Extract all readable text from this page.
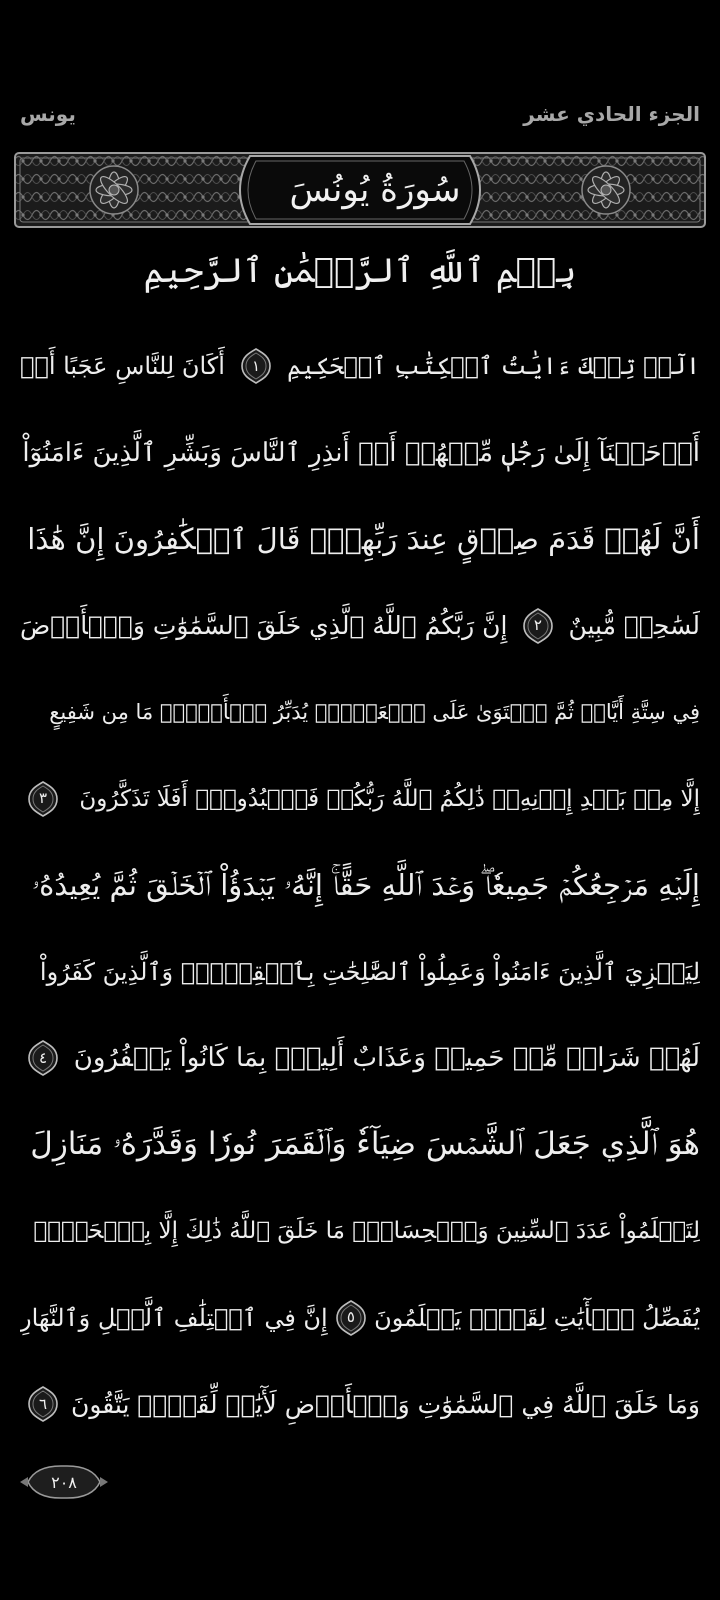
يونس	الجزء الحادي عشر
سُورَةُ يُونُسَ
بِسۡمِ ٱللَّهِ ٱلرَّحۡمَٰنِ ٱلرَّحِيمِ
الٓرۚ تِلۡكَ ءَايَٰتُ ٱلۡكِتَٰبِ ٱلۡحَكِيمِ
١
أَكَانَ لِلنَّاسِ عَجَبًا أَنۡ
أَوۡحَيۡنَآ إِلَىٰ رَجُلٖ مِّنۡهُمۡ أَنۡ أَنذِرِ ٱلنَّاسَ وَبَشِّرِ ٱلَّذِينَ ءَامَنُوٓاْ
أَنَّ لَهُمۡ قَدَمَ صِدۡقٍ عِندَ رَبِّهِمۡۗ قَالَ ٱلۡكَٰفِرُونَ إِنَّ هَٰذَا
لَسَٰحِرٞ مُّبِينٌ
٢
إِنَّ رَبَّكُمُ ٱللَّهُ ٱلَّذِي خَلَقَ ٱلسَّمَٰوَٰتِ وَٱلۡأَرۡضَ
فِي سِتَّةِ أَيَّامٖ ثُمَّ ٱسۡتَوَىٰ عَلَى ٱلۡعَرۡشِۖ يُدَبِّرُ ٱلۡأَمۡرَۖ مَا مِن شَفِيعٍ
إِلَّا مِنۢ بَعۡدِ إِذۡنِهِۦۚ ذَٰلِكُمُ ٱللَّهُ رَبُّكُمۡ فَٱعۡبُدُوهُۚ أَفَلَا تَذَكَّرُونَ
٣
إِلَيۡهِ مَرۡجِعُكُمۡ جَمِيعٗاۖ وَعۡدَ ٱللَّهِ حَقًّاۚ إِنَّهُۥ يَبۡدَؤُاْ ٱلۡخَلۡقَ ثُمَّ يُعِيدُهُۥ
لِيَجۡزِيَ ٱلَّذِينَ ءَامَنُواْ وَعَمِلُواْ ٱلصَّٰلِحَٰتِ بِٱلۡقِسۡطِۚ وَٱلَّذِينَ كَفَرُواْ
لَهُمۡ شَرَابٞ مِّنۡ حَمِيمٖ وَعَذَابٌ أَلِيمُۢ بِمَا كَانُواْ يَكۡفُرُونَ
٤
هُوَ ٱلَّذِي جَعَلَ ٱلشَّمۡسَ ضِيَآءٗ وَٱلۡقَمَرَ نُورٗا وَقَدَّرَهُۥ مَنَازِلَ
لِتَعۡلَمُواْ عَدَدَ ٱلسِّنِينَ وَٱلۡحِسَابَۚ مَا خَلَقَ ٱللَّهُ ذَٰلِكَ إِلَّا بِٱلۡحَقِّۚ
يُفَصِّلُ ٱلۡأٓيَٰتِ لِقَوۡمٖ يَعۡلَمُونَ
٥
إِنَّ فِي ٱخۡتِلَٰفِ ٱلَّيۡلِ وَٱلنَّهَارِ
وَمَا خَلَقَ ٱللَّهُ فِي ٱلسَّمَٰوَٰتِ وَٱلۡأَرۡضِ لَأٓيَٰتٖ لِّقَوۡمٖ يَتَّقُونَ
٦
٢٠٨
